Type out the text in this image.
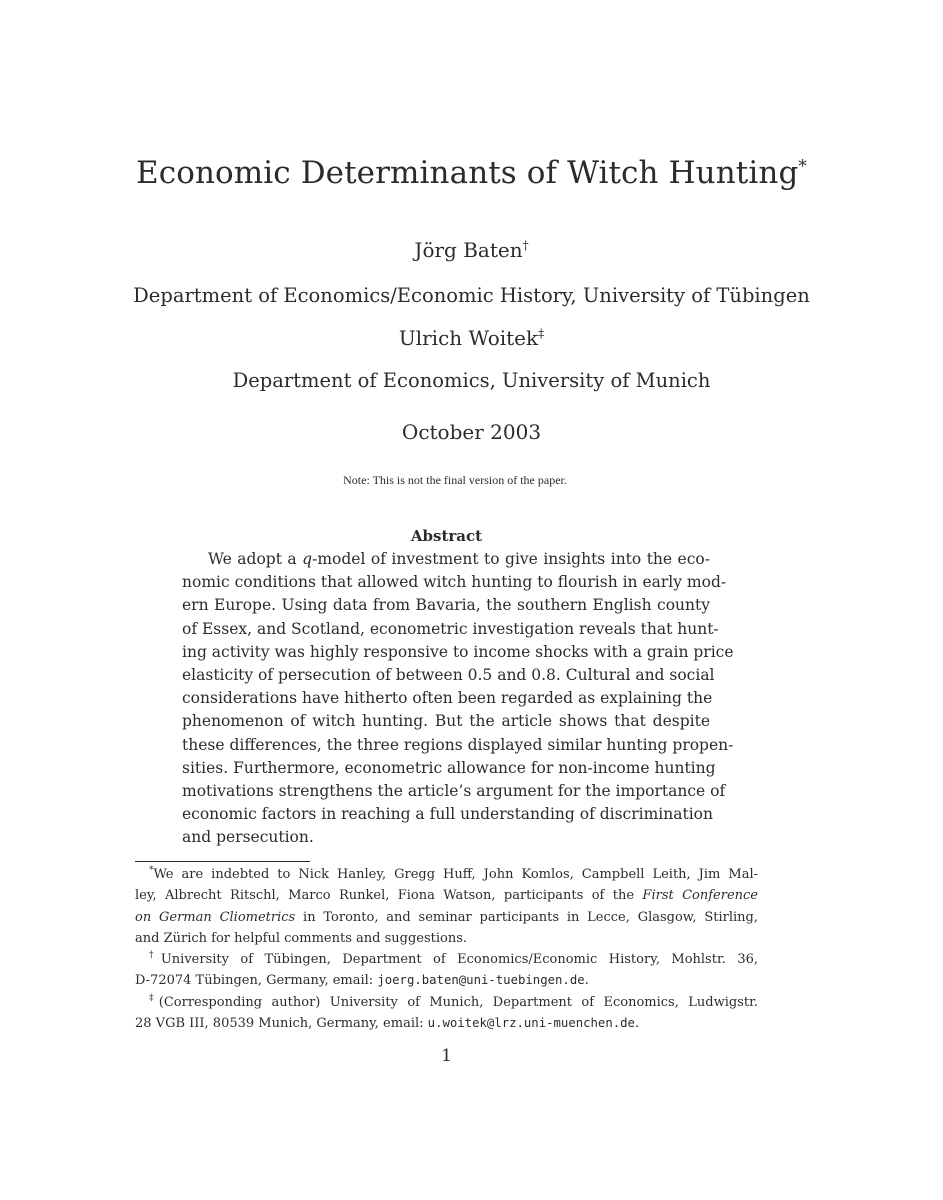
Economic Determinants of Witch Hunting*

Jörg Baten†

Department of Economics/Economic History, University of Tübingen

Ulrich Woitek‡

Department of Economics, University of Munich

October 2003

Note: This is not the final version of the paper.

Abstract
We adopt a q-model of investment to give insights into the eco-
nomic conditions that allowed witch hunting to flourish in early mod-
ern Europe. Using data from Bavaria, the southern English county
of Essex, and Scotland, econometric investigation reveals that hunt-
ing activity was highly responsive to income shocks with a grain price
elasticity of persecution of between 0.5 and 0.8. Cultural and social
considerations have hitherto often been regarded as explaining the
phenomenon of witch hunting. But the article shows that despite
these differences, the three regions displayed similar hunting propen-
sities. Furthermore, econometric allowance for non-income hunting
motivations strengthens the article’s argument for the importance of
economic factors in reaching a full understanding of discrimination
and persecution.
*We are indebted to Nick Hanley, Gregg Huff, John Komlos, Campbell Leith, Jim Mal-
ley, Albrecht Ritschl, Marco Runkel, Fiona Watson, participants of the First Conference
on German Cliometrics in Toronto, and seminar participants in Lecce, Glasgow, Stirling,
and Zürich for helpful comments and suggestions.
†University of Tübingen, Department of Economics/Economic History, Mohlstr. 36,
D-72074 Tübingen, Germany, email: joerg.baten@uni-tuebingen.de.
‡(Corresponding author) University of Munich, Department of Economics, Ludwigstr.
28 VGB III, 80539 Munich, Germany, email: u.woitek@lrz.uni-muenchen.de.

1
